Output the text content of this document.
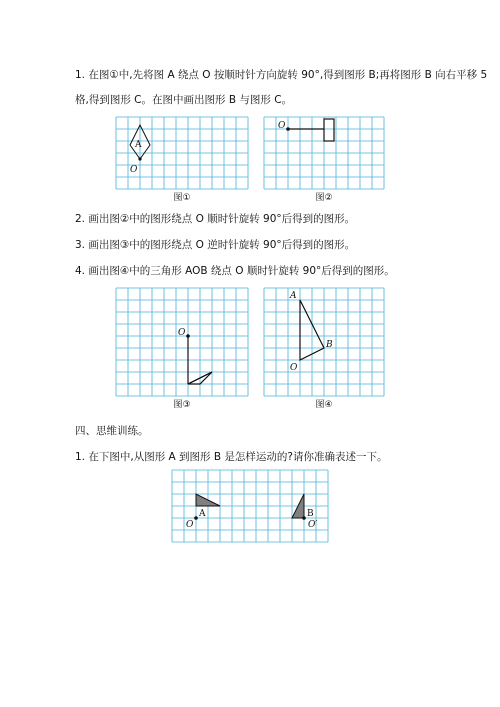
1. 在图①中,先将图 A 绕点 O 按顺时针方向旋转 90°,得到图形 B;再将图形 B 向右平移 5
格,得到图形 C。在图中画出图形 B 与图形 C。
A
O
图①
O
图②
2. 画出图②中的图形绕点 O 顺时针旋转 90°后得到的图形。
3. 画出图③中的图形绕点 O 逆时针旋转 90°后得到的图形。
4. 画出图④中的三角形 AOB 绕点 O 顺时针旋转 90°后得到的图形。
O
图③
A
B
O
图④
四、思维训练。
1. 在下图中,从图形 A 到图形 B 是怎样运动的?请你准确表述一下。
A
O
B
O′
